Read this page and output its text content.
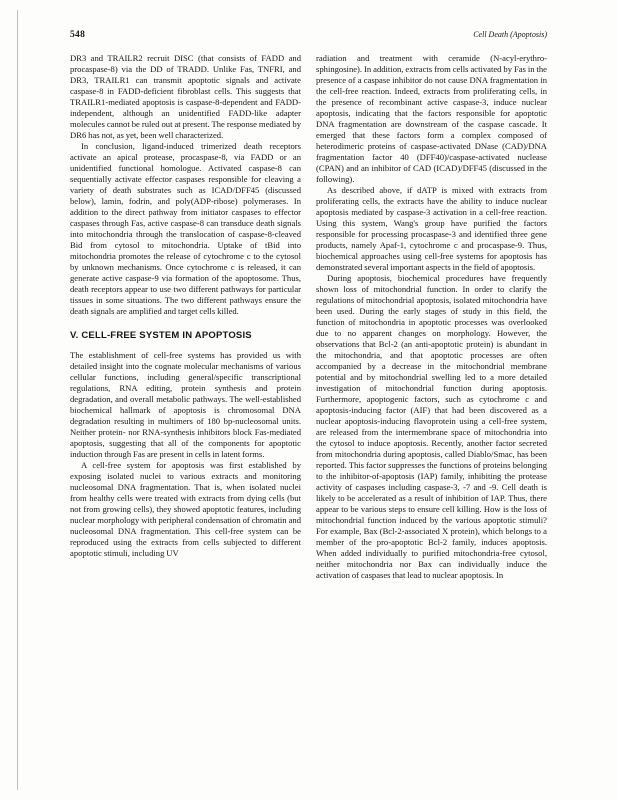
548	Cell Death (Apoptosis)

DR3 and TRAILR2 recruit DISC (that consists of FADD and procaspase-8) via the DD of TRADD. Unlike Fas, TNFRI, and DR3, TRAILR1 can transmit apoptotic signals and activate caspase-8 in FADD-deficient fibroblast cells. This suggests that TRAILR1-mediated apoptosis is caspase-8-dependent and FADD-independent, although an unidentified FADD-like adapter molecules cannot be ruled out at present. The response mediated by DR6 has not, as yet, been well characterized.

In conclusion, ligand-induced trimerized death receptors activate an apical protease, procaspase-8, via FADD or an unidentified functional homologue. Activated caspase-8 can sequentially activate effector caspases responsible for cleaving a variety of death substrates such as ICAD/DFF45 (discussed below), lamin, fodrin, and poly(ADP-ribose) polymerases. In addition to the direct pathway from initiator caspases to effector caspases through Fas, active caspase-8 can transduce death signals into mitochondria through the translocation of caspase-8-cleaved Bid from cytosol to mitochondria. Uptake of tBid into mitochondria promotes the release of cytochrome c to the cytosol by unknown mechanisms. Once cytochrome c is released, it can generate active caspase-9 via formation of the apoptosome. Thus, death receptors appear to use two different pathways for particular tissues in some situations. The two different pathways ensure the death signals are amplified and target cells killed.

V. CELL-FREE SYSTEM IN APOPTOSIS

The establishment of cell-free systems has provided us with detailed insight into the cognate molecular mechanisms of various cellular functions, including general/specific transcriptional regulations, RNA editing, protein synthesis and protein degradation, and overall metabolic pathways. The well-established biochemical hallmark of apoptosis is chromosomal DNA degradation resulting in multimers of 180 bp-nucleosomal units. Neither protein- nor RNA-synthesis inhibitors block Fas-mediated apoptosis, suggesting that all of the components for apoptotic induction through Fas are present in cells in latent forms.

A cell-free system for apoptosis was first established by exposing isolated nuclei to various extracts and monitoring nucleosomal DNA fragmentation. That is, when isolated nuclei from healthy cells were treated with extracts from dying cells (but not from growing cells), they showed apoptotic features, including nuclear morphology with peripheral condensation of chromatin and nucleosomal DNA fragmentation. This cell-free system can be reproduced using the extracts from cells subjected to different apoptotic stimuli, including UV

radiation and treatment with ceramide (N-acyl-erythro-sphingosine). In addition, extracts from cells activated by Fas in the presence of a caspase inhibitor do not cause DNA fragmentation in the cell-free reaction. Indeed, extracts from proliferating cells, in the presence of recombinant active caspase-3, induce nuclear apoptosis, indicating that the factors responsible for apoptotic DNA fragmentation are downstream of the caspase cascade. It emerged that these factors form a complex composed of heterodimeric proteins of caspase-activated DNase (CAD)/DNA fragmentation factor 40 (DFF40)/caspase-activated nuclease (CPAN) and an inhibitor of CAD (ICAD)/DFF45 (discussed in the following).

As described above, if dATP is mixed with extracts from proliferating cells, the extracts have the ability to induce nuclear apoptosis mediated by caspase-3 activation in a cell-free reaction. Using this system, Wang's group have purified the factors responsible for processing procaspase-3 and identified three gene products, namely Apaf-1, cytochrome c and procaspase-9. Thus, biochemical approaches using cell-free systems for apoptosis has demonstrated several important aspects in the field of apoptosis.

During apoptosis, biochemical procedures have frequently shown loss of mitochondrial function. In order to clarify the regulations of mitochondrial apoptosis, isolated mitochondria have been used. During the early stages of study in this field, the function of mitochondria in apoptotic processes was overlooked due to no apparent changes on morphology. However, the observations that Bcl-2 (an anti-apoptotic protein) is abundant in the mitochondria, and that apoptotic processes are often accompanied by a decrease in the mitochondrial membrane potential and by mitochondrial swelling led to a more detailed investigation of mitochondrial function during apoptosis. Furthermore, apoptogenic factors, such as cytochrome c and apoptosis-inducing factor (AIF) that had been discovered as a nuclear apoptosis-inducing flavoprotein using a cell-free system, are released from the intermembrane space of mitochondria into the cytosol to induce apoptosis. Recently, another factor secreted from mitochondria during apoptosis, called Diablo/Smac, has been reported. This factor suppresses the functions of proteins belonging to the inhibitor-of-apoptosis (IAP) family, inhibiting the protease activity of caspases including caspase-3, -7 and -9. Cell death is likely to be accelerated as a result of inhibition of IAP. Thus, there appear to be various steps to ensure cell killing. How is the loss of mitochondrial function induced by the various apoptotic stimuli? For example, Bax (Bcl-2-associated X protein), which belongs to a member of the pro-apoptotic Bcl-2 family, induces apoptosis. When added individually to purified mitochondria-free cytosol, neither mitochondria nor Bax can individually induce the activation of caspases that lead to nuclear apoptosis. In
